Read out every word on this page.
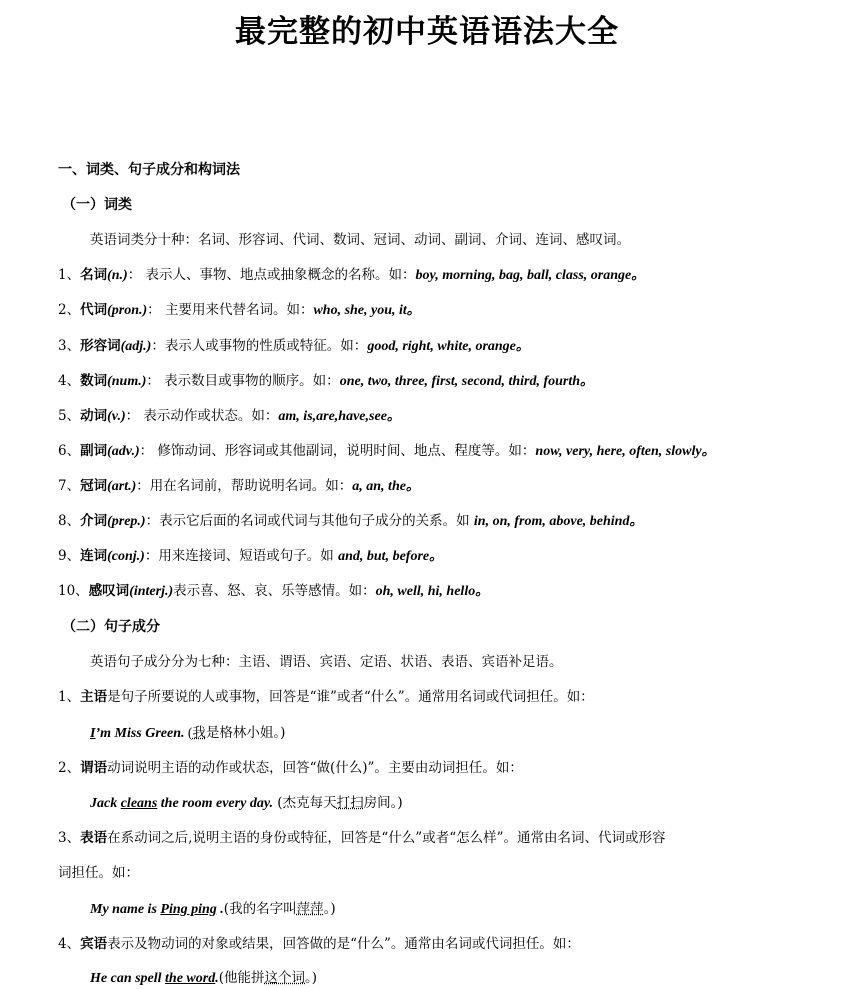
最完整的初中英语语法大全
一、词类、句子成分和构词法
（一）词类
英语词类分十种：名词、形容词、代词、数词、冠词、动词、副词、介词、连词、感叹词。
1、名词(n.)： 表示人、事物、地点或抽象概念的名称。如：boy, morning, bag, ball, class, orange。
2、代词(pron.)： 主要用来代替名词。如：who, she, you, it。
3、形容词(adj.)：表示人或事物的性质或特征。如：good, right, white, orange。
4、数词(num.)： 表示数目或事物的顺序。如：one, two, three, first, second, third, fourth。
5、动词(v.)： 表示动作或状态。如：am, is,are,have,see。
6、副词(adv.)： 修饰动词、形容词或其他副词，说明时间、地点、程度等。如：now, very, here, often, slowly。
7、冠词(art.)：用在名词前，帮助说明名词。如：a, an, the。
8、介词(prep.)：表示它后面的名词或代词与其他句子成分的关系。如 in, on, from, above, behind。
9、连词(conj.)：用来连接词、短语或句子。如 and, but, before。
10、感叹词(interj.)表示喜、怒、哀、乐等感情。如：oh, well, hi, hello。
（二）句子成分
英语句子成分分为七种：主语、谓语、宾语、定语、状语、表语、宾语补足语。
1、主语是句子所要说的人或事物，回答是“谁”或者“什么”。通常用名词或代词担任。如：
I’m Miss Green. (我是格林小姐。)
2、谓语动词说明主语的动作或状态，回答“做(什么)”。主要由动词担任。如：
Jack cleans the room every day. (杰克每天打扫房间。)
3、表语在系动词之后,说明主语的身份或特征，回答是“什么”或者“怎么样”。通常由名词、代词或形容
词担任。如：
My name is Ping ping .(我的名字叫萍萍。)
4、宾语表示及物动词的对象或结果，回答做的是“什么”。通常由名词或代词担任。如：
He can spell the word.(他能拼这个词。)
